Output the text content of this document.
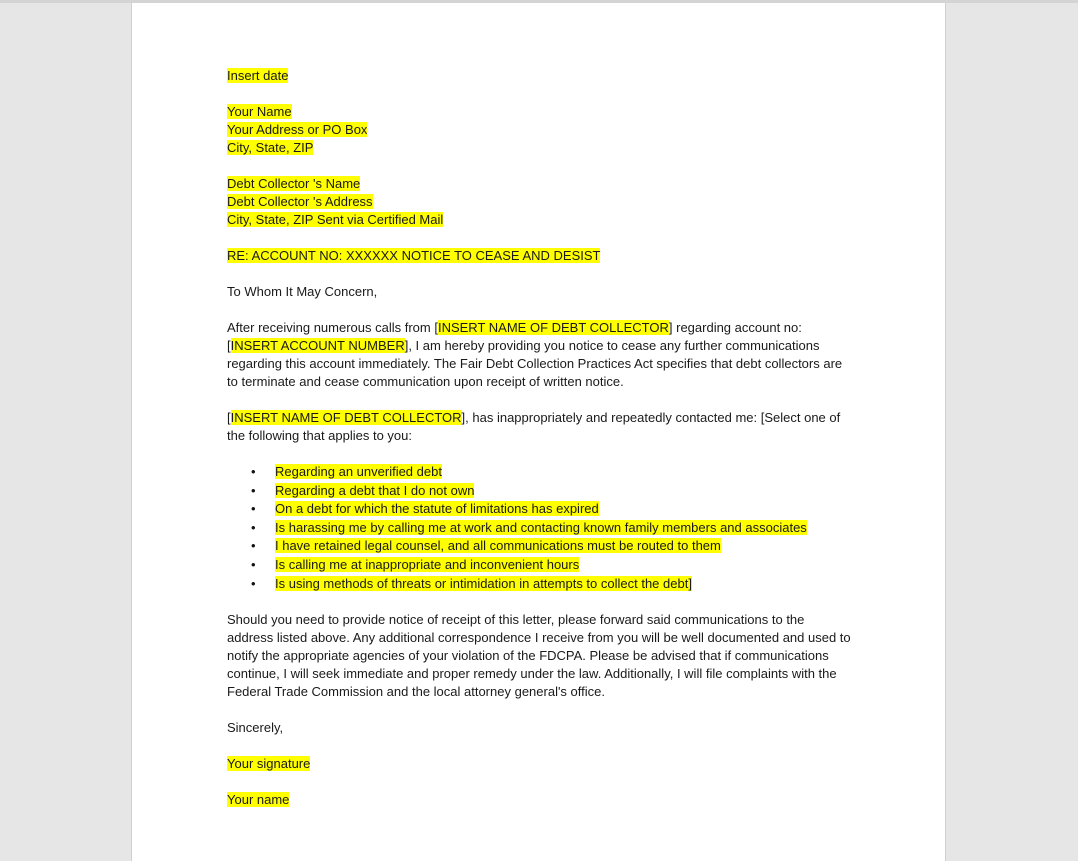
Insert date

Your Name

Your Address or PO Box

City, State, ZIP

Debt Collector 's Name

Debt Collector 's Address

City, State, ZIP Sent via Certified Mail

RE: ACCOUNT NO: XXXXXX NOTICE TO CEASE AND DESIST

To Whom It May Concern,

After receiving numerous calls from [INSERT NAME OF DEBT COLLECTOR] regarding account no: [INSERT ACCOUNT NUMBER], I am hereby providing you notice to cease any further communications regarding this account immediately. The Fair Debt Collection Practices Act specifies that debt collectors are to terminate and cease communication upon receipt of written notice.

[INSERT NAME OF DEBT COLLECTOR], has inappropriately and repeatedly contacted me: [Select one of the following that applies to you:

• Regarding an unverified debt
• Regarding a debt that I do not own
• On a debt for which the statute of limitations has expired
• Is harassing me by calling me at work and contacting known family members and associates
• I have retained legal counsel, and all communications must be routed to them
• Is calling me at inappropriate and inconvenient hours
• Is using methods of threats or intimidation in attempts to collect the debt]

Should you need to provide notice of receipt of this letter, please forward said communications to the address listed above. Any additional correspondence I receive from you will be well documented and used to notify the appropriate agencies of your violation of the FDCPA. Please be advised that if communications continue, I will seek immediate and proper remedy under the law. Additionally, I will file complaints with the Federal Trade Commission and the local attorney general's office.

Sincerely,

Your signature

Your name
